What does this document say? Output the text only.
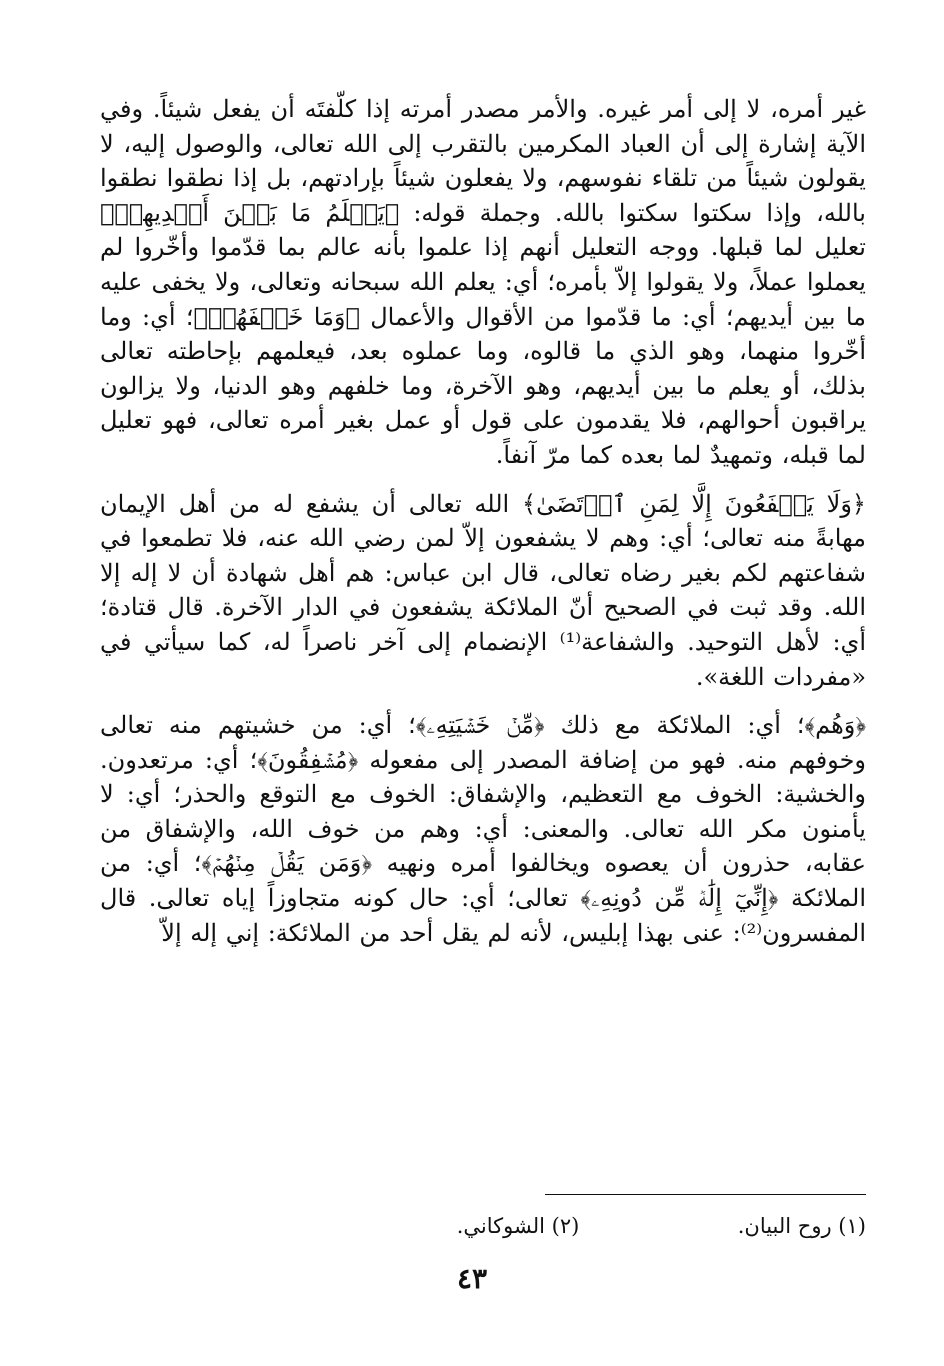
غير أمره، لا إلى أمر غيره. والأمر مصدر أمرته إذا كلّفتَه أن يفعل شيئاً. وفي الآية إشارة إلى أن العباد المكرمين بالتقرب إلى الله تعالى، والوصول إليه، لا يقولون شيئاً من تلقاء نفوسهم، ولا يفعلون شيئاً بإرادتهم، بل إذا نطقوا نطقوا بالله، وإذا سكتوا سكتوا بالله. وجملة قوله: ﴿يَعۡلَمُ مَا بَيۡنَ أَيۡدِيهِمۡ﴾ تعليل لما قبلها. ووجه التعليل أنهم إذا علموا بأنه عالم بما قدّموا وأخّروا لم يعملوا عملاً، ولا يقولوا إلاّ بأمره؛ أي: يعلم الله سبحانه وتعالى، ولا يخفى عليه ما بين أيديهم؛ أي: ما قدّموا من الأقوال والأعمال ﴿وَمَا خَلۡفَهُمۡ﴾؛ أي: وما أخّروا منهما، وهو الذي ما قالوه، وما عملوه بعد، فيعلمهم بإحاطته تعالى بذلك، أو يعلم ما بين أيديهم، وهو الآخرة، وما خلفهم وهو الدنيا، ولا يزالون يراقبون أحوالهم، فلا يقدمون على قول أو عمل بغير أمره تعالى، فهو تعليل لما قبله، وتمهيدٌ لما بعده كما مرّ آنفاً.

﴿وَلَا يَشۡفَعُونَ إِلَّا لِمَنِ ٱرۡتَضَىٰ﴾ الله تعالى أن يشفع له من أهل الإيمان مهابةً منه تعالى؛ أي: وهم لا يشفعون إلاّ لمن رضي الله عنه، فلا تطمعوا في شفاعتهم لكم بغير رضاه تعالى، قال ابن عباس: هم أهل شهادة أن لا إله إلا الله. وقد ثبت في الصحيح أنّ الملائكة يشفعون في الدار الآخرة. قال قتادة؛ أي: لأهل التوحيد. والشفاعة⁽¹⁾ الإنضمام إلى آخر ناصراً له، كما سيأتي في «مفردات اللغة».

﴿وَهُم﴾؛ أي: الملائكة مع ذلك ﴿مِّنۡ خَشۡيَتِهِۦ﴾؛ أي: من خشيتهم منه تعالى وخوفهم منه. فهو من إضافة المصدر إلى مفعوله ﴿مُشۡفِقُونَ﴾؛ أي: مرتعدون. والخشية: الخوف مع التعظيم، والإشفاق: الخوف مع التوقع والحذر؛ أي: لا يأمنون مكر الله تعالى. والمعنى: أي: وهم من خوف الله، والإشفاق من عقابه، حذرون أن يعصوه ويخالفوا أمره ونهيه ﴿وَمَن يَقُلۡ مِنۡهُمۡ﴾؛ أي: من الملائكة ﴿إِنِّيٓ إِلَٰهٞ مِّن دُونِهِۦ﴾ تعالى؛ أي: حال كونه متجاوزاً إياه تعالى. قال المفسرون⁽²⁾: عنى بهذا إبليس، لأنه لم يقل أحد من الملائكة: إني إله إلاّ

(١) روح البيان. (٢) الشوكاني.
٤٣
